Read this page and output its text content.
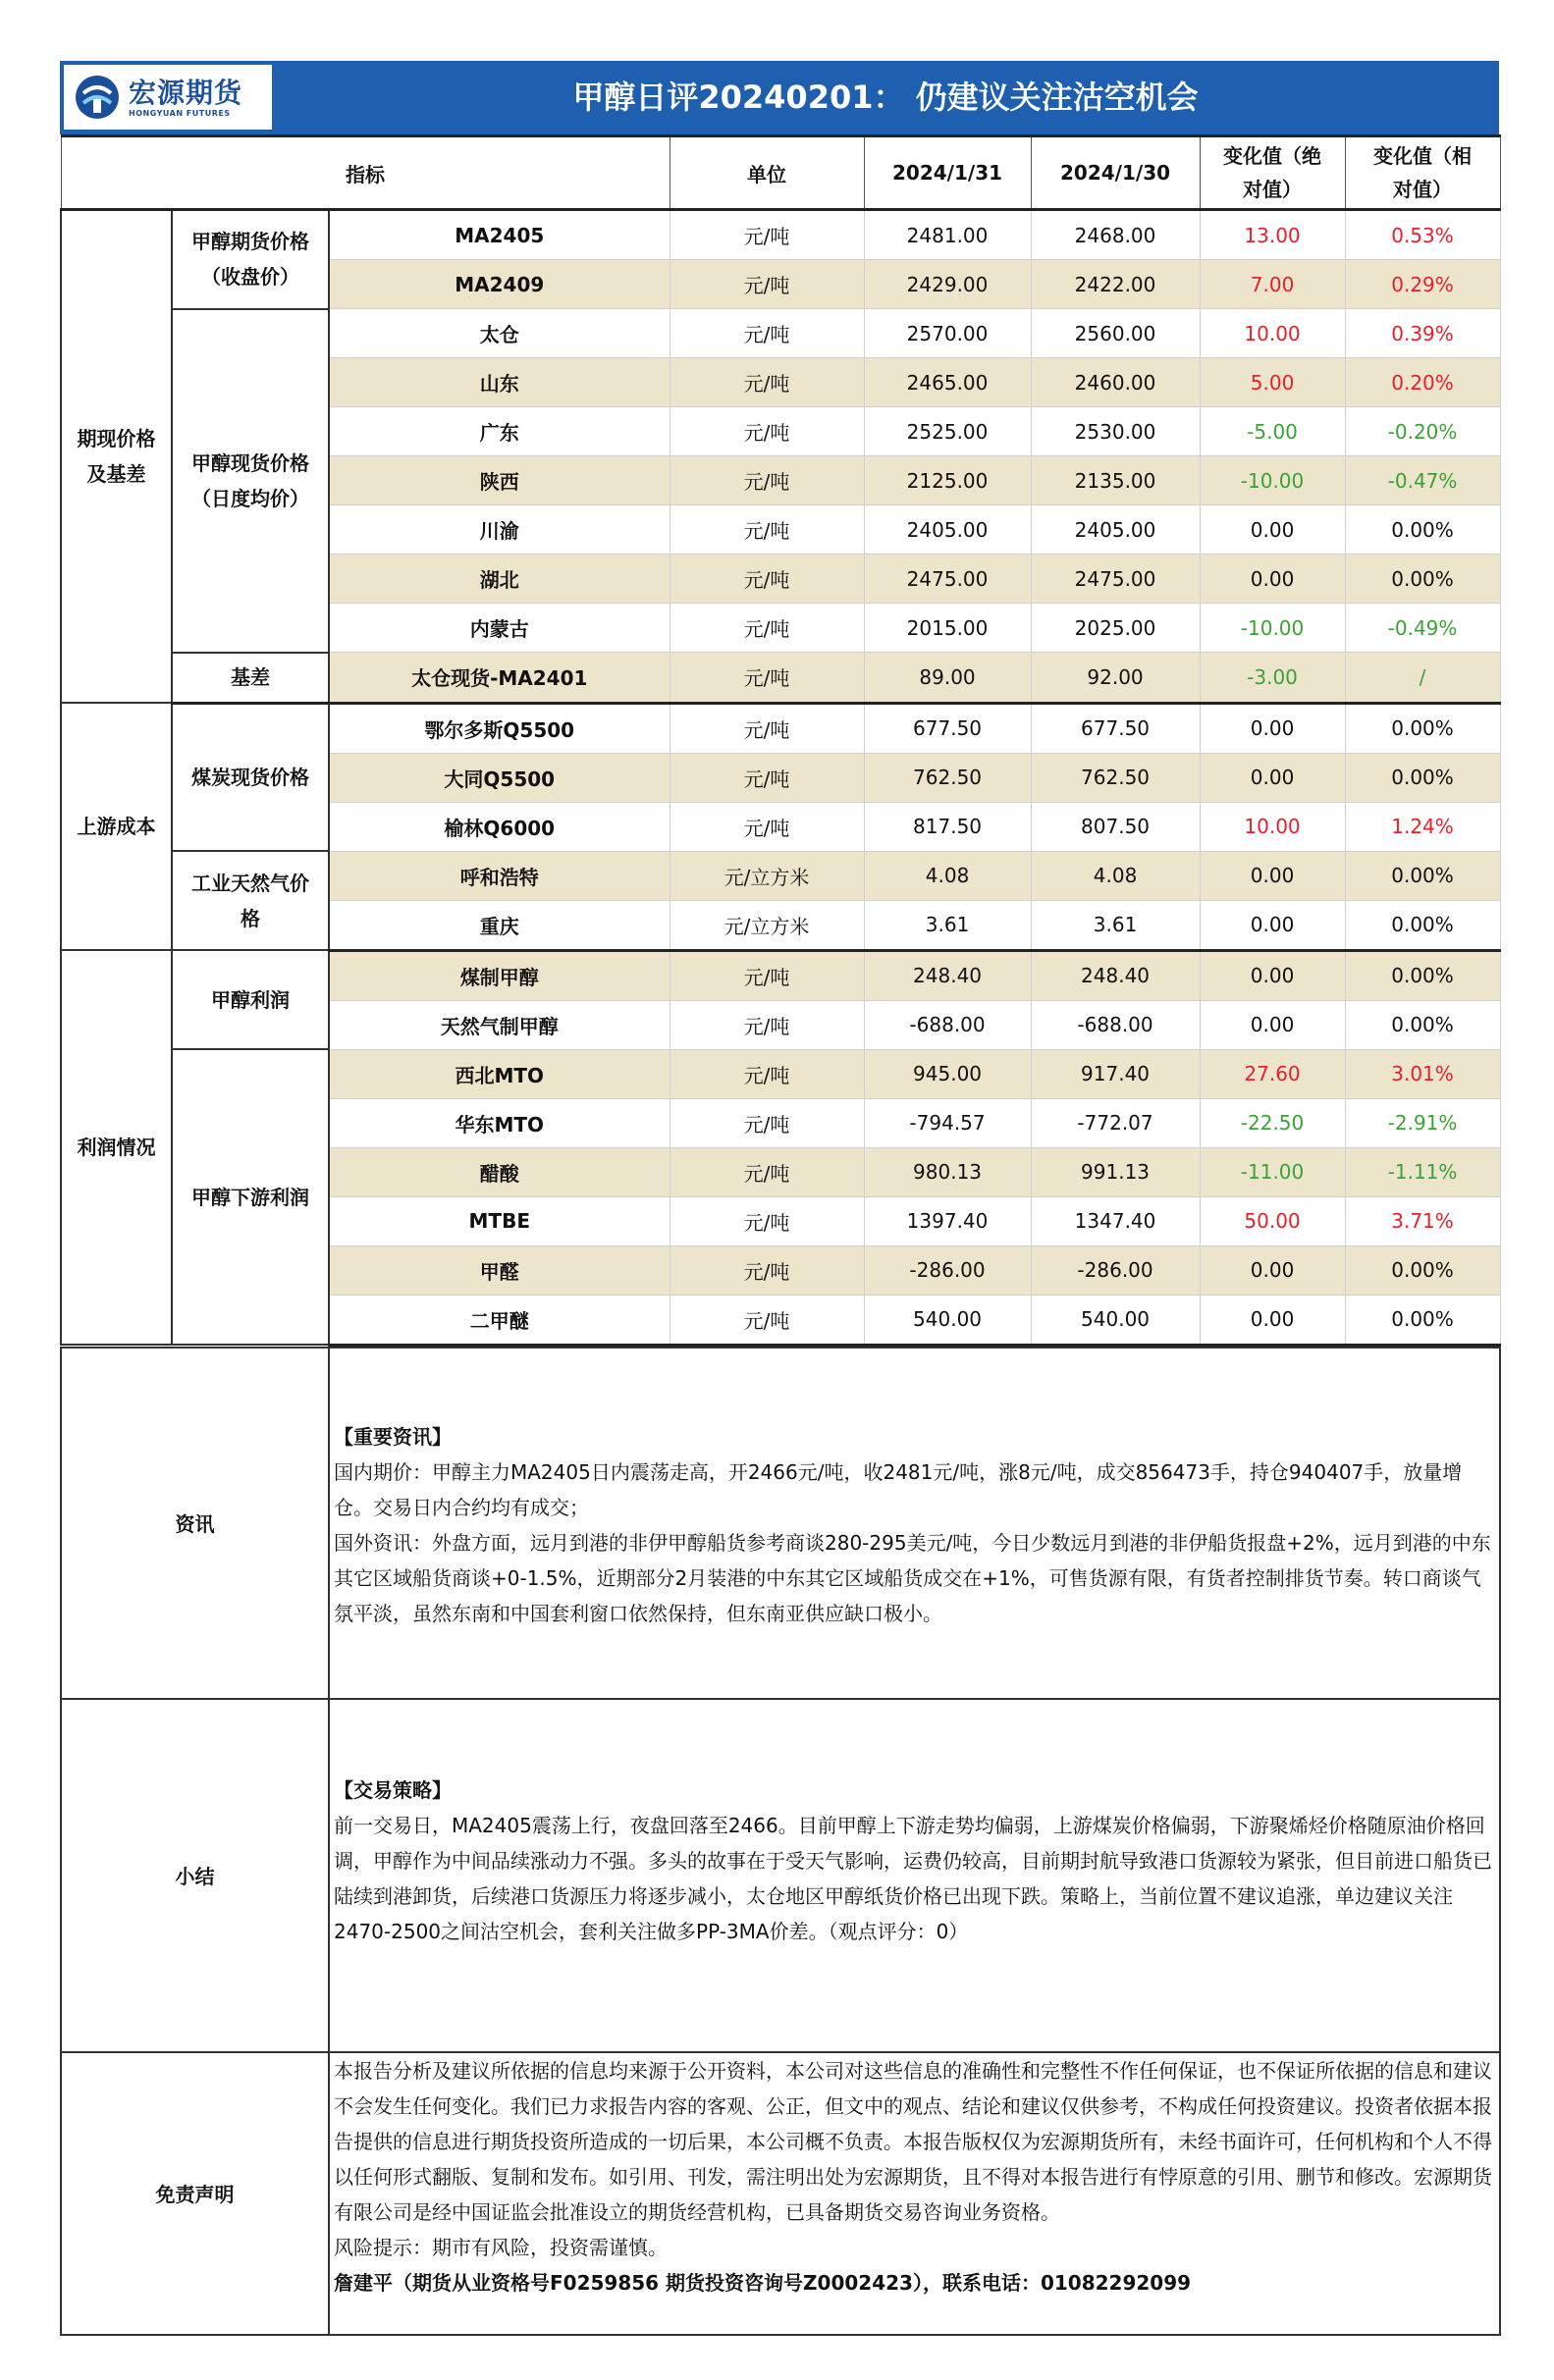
宏源期货
HONGYUAN FUTURES	甲醇日评20240201： 仍建议关注沽空机会
指标			单位	2024/1/31	2024/1/30	变化值（绝对值）	变化值（相对值）
期现价格及基差	甲醇期货价格（收盘价）	MA2405	元/吨	2481.00	2468.00	13.00	0.53%
		MA2409	元/吨	2429.00	2422.00	7.00	0.29%
	甲醇现货价格（日度均价）	太仓	元/吨	2570.00	2560.00	10.00	0.39%
		山东	元/吨	2465.00	2460.00	5.00	0.20%
		广东	元/吨	2525.00	2530.00	-5.00	-0.20%
		陕西	元/吨	2125.00	2135.00	-10.00	-0.47%
		川渝	元/吨	2405.00	2405.00	0.00	0.00%
		湖北	元/吨	2475.00	2475.00	0.00	0.00%
		内蒙古	元/吨	2015.00	2025.00	-10.00	-0.49%
	基差	太仓现货-MA2401	元/吨	89.00	92.00	-3.00	/
上游成本	煤炭现货价格	鄂尔多斯Q5500	元/吨	677.50	677.50	0.00	0.00%
		大同Q5500	元/吨	762.50	762.50	0.00	0.00%
		榆林Q6000	元/吨	817.50	807.50	10.00	1.24%
	工业天然气价格	呼和浩特	元/立方米	4.08	4.08	0.00	0.00%
		重庆	元/立方米	3.61	3.61	0.00	0.00%
利润情况	甲醇利润	煤制甲醇	元/吨	248.40	248.40	0.00	0.00%
		天然气制甲醇	元/吨	-688.00	-688.00	0.00	0.00%
	甲醇下游利润	西北MTO	元/吨	945.00	917.40	27.60	3.01%
		华东MTO	元/吨	-794.57	-772.07	-22.50	-2.91%
		醋酸	元/吨	980.13	991.13	-11.00	-1.11%
		MTBE	元/吨	1397.40	1347.40	50.00	3.71%
		甲醛	元/吨	-286.00	-286.00	0.00	0.00%
		二甲醚	元/吨	540.00	540.00	0.00	0.00%
资讯	【重要资讯】
国内期价：甲醇主力MA2405日内震荡走高，开2466元/吨，收2481元/吨，涨8元/吨，成交856473手，持仓940407手，放量增仓。交易日内合约均有成交；
国外资讯：外盘方面，远月到港的非伊甲醇船货参考商谈280-295美元/吨，今日少数远月到港的非伊船货报盘+2%，远月到港的中东其它区域船货商谈+0-1.5%，近期部分2月装港的中东其它区域船货成交在+1%，可售货源有限，有货者控制排货节奏。转口商谈气氛平淡，虽然东南和中国套利窗口依然保持，但东南亚供应缺口极小。

小结	【交易策略】
前一交易日，MA2405震荡上行，夜盘回落至2466。目前甲醇上下游走势均偏弱，上游煤炭价格偏弱，下游聚烯烃价格随原油价格回调，甲醇作为中间品续涨动力不强。多头的故事在于受天气影响，运费仍较高，目前期封航导致港口货源较为紧张，但目前进口船货已陆续到港卸货，后续港口货源压力将逐步减小，太仓地区甲醇纸货价格已出现下跌。策略上，当前位置不建议追涨，单边建议关注2470-2500之间沽空机会，套利关注做多PP-3MA价差。（观点评分：0）

免责声明	本报告分析及建议所依据的信息均来源于公开资料，本公司对这些信息的准确性和完整性不作任何保证，也不保证所依据的信息和建议不会发生任何变化。我们已力求报告内容的客观、公正，但文中的观点、结论和建议仅供参考，不构成任何投资建议。投资者依据本报告提供的信息进行期货投资所造成的一切后果，本公司概不负责。本报告版权仅为宏源期货所有，未经书面许可，任何机构和个人不得以任何形式翻版、复制和发布。如引用、刊发，需注明出处为宏源期货，且不得对本报告进行有悖原意的引用、删节和修改。宏源期货有限公司是经中国证监会批准设立的期货经营机构，已具备期货交易咨询业务资格。
风险提示：期市有风险，投资需谨慎。
詹建平（期货从业资格号F0259856 期货投资咨询号Z0002423），联系电话：01082292099
